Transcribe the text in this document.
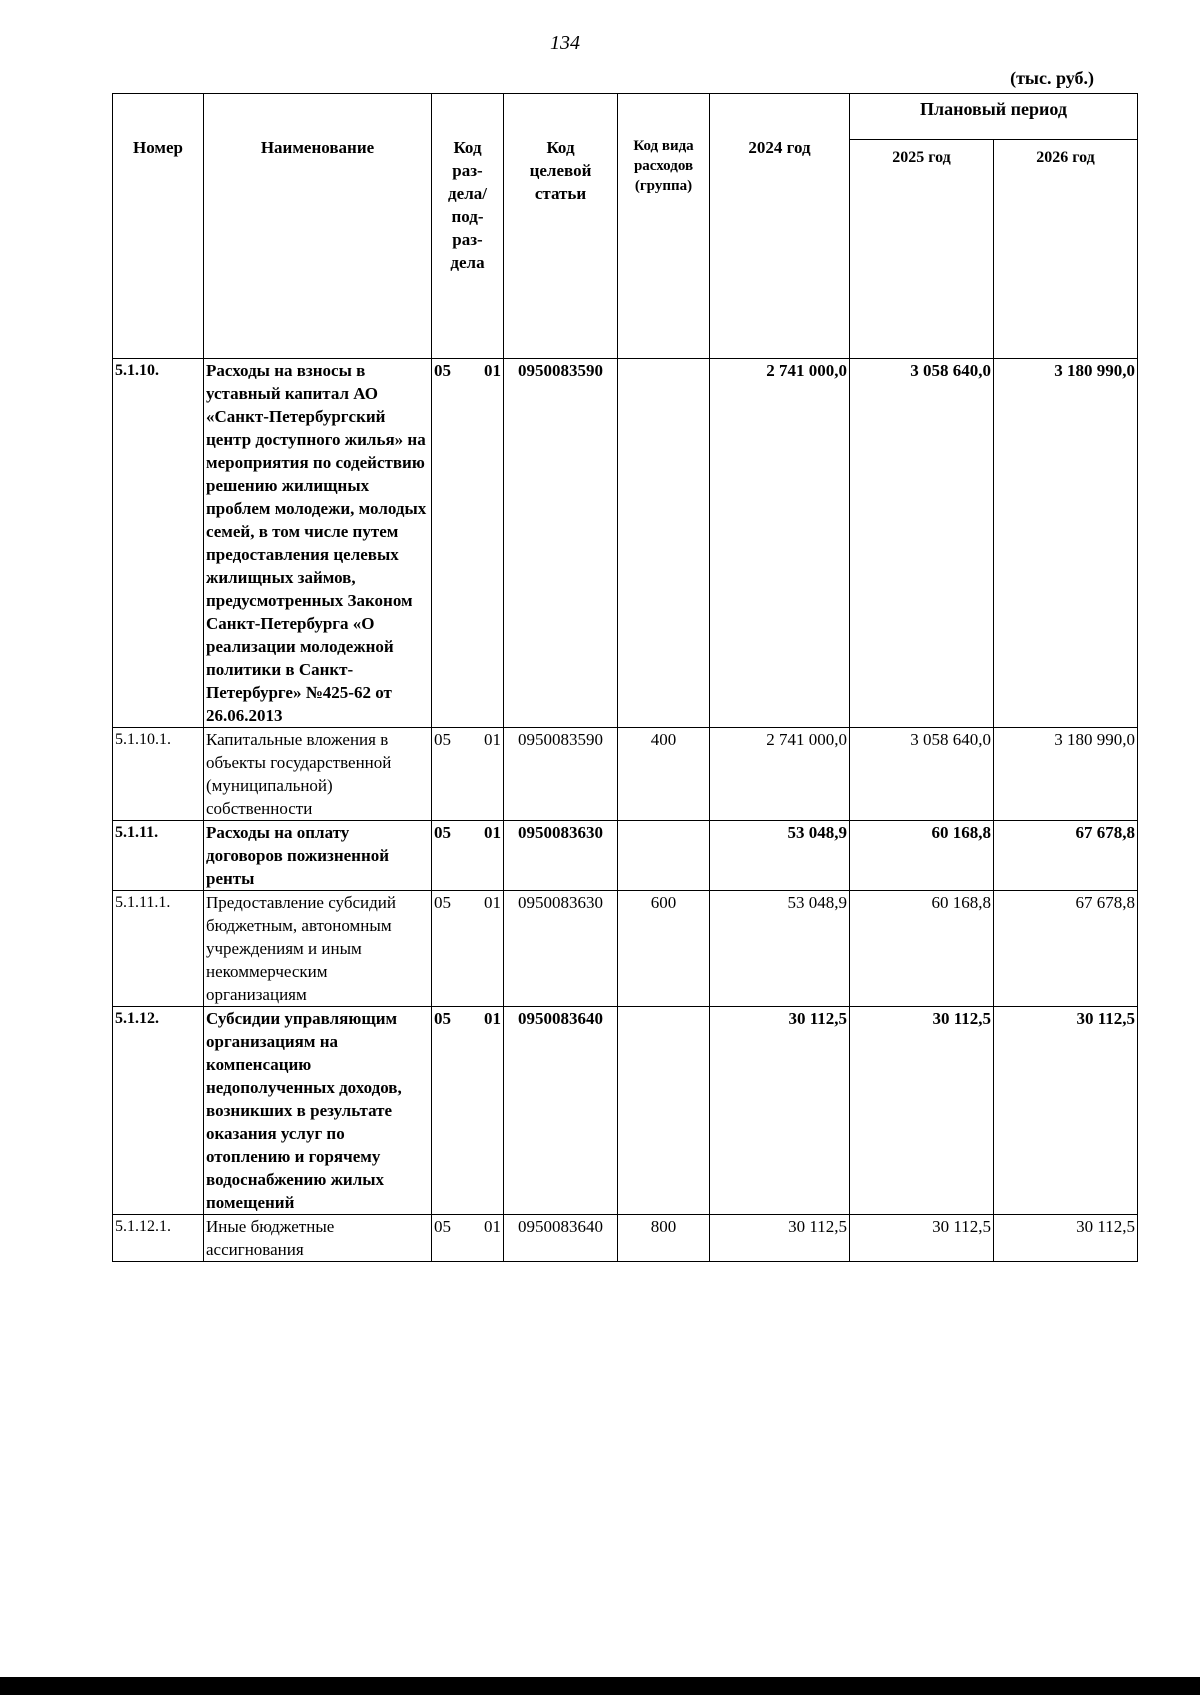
134
(тыс. руб.)
Номер	Наименование	Код раз-дела/ под-раз-дела	Код целевой статьи	Код вида расходов (группа)	2024 год	Плановый период	
						2025 год	2026 год
5.1.10.	Расходы на взносы в уставный капитал АО «Санкт-Петербургский центр доступного жилья» на мероприятия по содействию решению жилищных проблем молодежи, молодых семей, в том числе путем предоставления целевых жилищных займов, предусмотренных Законом Санкт-Петербурга «О реализации молодежной политики в Санкт-Петербурге» №425-62 от 26.06.2013	05 01	0950083590		2 741 000,0	3 058 640,0	3 180 990,0
5.1.10.1.	Капитальные вложения в объекты государственной (муниципальной) собственности	05 01	0950083590	400	2 741 000,0	3 058 640,0	3 180 990,0
5.1.11.	Расходы на оплату договоров пожизненной ренты	05 01	0950083630		53 048,9	60 168,8	67 678,8
5.1.11.1.	Предоставление субсидий бюджетным, автономным учреждениям и иным некоммерческим организациям	05 01	0950083630	600	53 048,9	60 168,8	67 678,8
5.1.12.	Субсидии управляющим организациям на компенсацию недополученных доходов, возникших в результате оказания услуг по отоплению и горячему водоснабжению жилых помещений	05 01	0950083640		30 112,5	30 112,5	30 112,5
5.1.12.1.	Иные бюджетные ассигнования	05 01	0950083640	800	30 112,5	30 112,5	30 112,5
